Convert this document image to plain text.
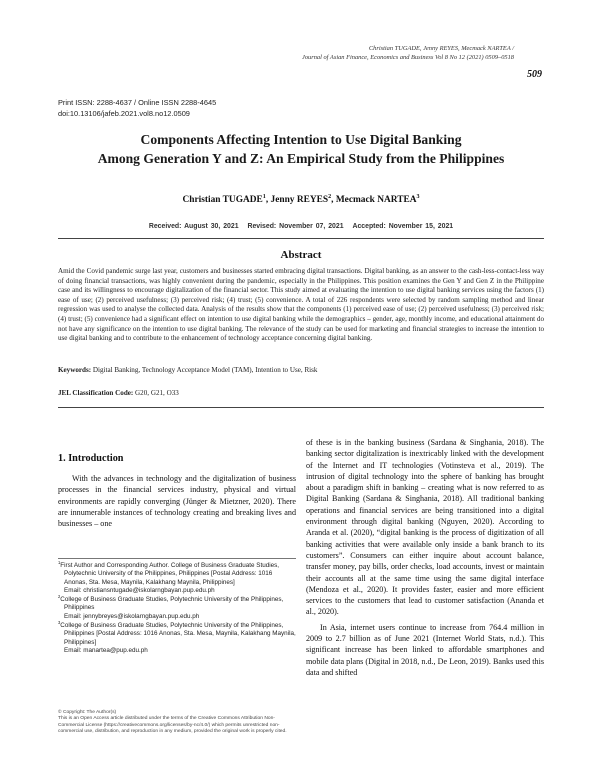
Christian TUGADE, Jenny REYES, Mecmack NARTEA /
Journal of Asian Finance, Economics and Business Vol 8 No 12 (2021) 0509–0518
509
Print ISSN: 2288-4637 / Online ISSN 2288-4645
doi:10.13106/jafeb.2021.vol8.no12.0509
Components Affecting Intention to Use Digital Banking
Among Generation Y and Z: An Empirical Study from the Philippines
Christian TUGADE$^1$, Jenny REYES$^2$, Mecmack NARTEA$^3$
Received: August 30, 2021 Revised: November 07, 2021 Accepted: November 15, 2021
Abstract
Amid the Covid pandemic surge last year, customers and businesses started embracing digital transactions. Digital banking, as an answer to the cash-less-contact-less way of doing financial transactions, was highly convenient during the pandemic, especially in the Philippines. This position examines the Gen Y and Gen Z in the Philippine case and its willingness to encourage digitalization of the financial sector. This study aimed at evaluating the intention to use digital banking services using the factors (1) ease of use; (2) perceived usefulness; (3) perceived risk; (4) trust; (5) convenience. A total of 226 respondents were selected by random sampling method and linear regression was used to analyse the collected data. Analysis of the results show that the components (1) perceived ease of use; (2) perceived usefulness; (3) perceived risk; (4) trust; (5) convenience had a significant effect on intention to use digital banking while the demographics – gender, age, monthly income, and educational attainment do not have any significance on the intention to use digital banking. The relevance of the study can be used for marketing and financial strategies to increase the intention to use digital banking and to contribute to the enhancement of technology acceptance concerning digital banking.
Keywords: Digital Banking, Technology Acceptance Model (TAM), Intention to Use, Risk
JEL Classification Code: G20, G21, O33
1. Introduction
With the advances in technology and the digitalization of business processes in the financial services industry, physical and virtual environments are rapidly converging (Jünger & Mietzner, 2020). There are innumerable instances of technology creating and breaking lives and businesses – one

$^1$First Author and Corresponding Author. College of Business Graduate Studies, Polytechnic University of the Philippines, Philippines [Postal Address: 1016 Anonas, Sta. Mesa, Maynila, Kalakhang Maynila, Philippines]

Email: christiansntugade@iskolarngbayan.pup.edu.ph

$^2$College of Business Graduate Studies, Polytechnic University of the Philippines, Philippines

Email: jennybreyes@iskolarngbayan.pup.edu.ph

$^3$College of Business Graduate Studies, Polytechnic University of the Philippines, Philippines [Postal Address: 1016 Anonas, Sta. Mesa, Maynila, Kalakhang Maynila, Philippines]

Email: manartea@pup.edu.ph

© Copyright: The Author(s)
This is an Open Access article distributed under the terms of the Creative Commons Attribution Non-Commercial License (https://creativecommons.org/licenses/by-nc/4.0/) which permits unrestricted non-commercial use, distribution, and reproduction in any medium, provided the original work is properly cited.

of these is in the banking business (Sardana & Singhania, 2018). The banking sector digitalization is inextricably linked with the development of the Internet and IT technologies (Votinsteva et al., 2019). The intrusion of digital technology into the sphere of banking has brought about a paradigm shift in banking – creating what is now referred to as Digital Banking (Sardana & Singhania, 2018). All traditional banking operations and financial services are being transitioned into a digital environment through digital banking (Nguyen, 2020). According to Aranda et al. (2020), “digital banking is the process of digitization of all banking activities that were available only inside a bank branch to its customers”. Consumers can either inquire about account balance, transfer money, pay bills, order checks, load accounts, invest or maintain their accounts all at the same time using the same digital interface (Mendoza et al., 2020). It provides faster, easier and more efficient services to the customers that lead to customer satisfaction (Ananda et al., 2020).

In Asia, internet users continue to increase from 764.4 million in 2009 to 2.7 billion as of June 2021 (Internet World Stats, n.d.). This significant increase has been linked to affordable smartphones and mobile data plans (Digital in 2018, n.d., De Leon, 2019). Banks used this data and shifted
